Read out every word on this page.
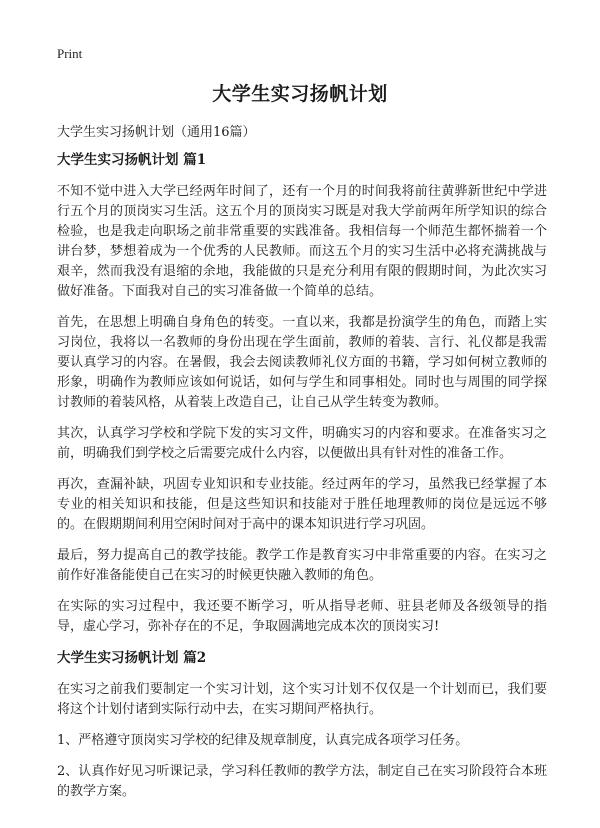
Print
大学生实习扬帆计划
大学生实习扬帆计划（通用16篇）
大学生实习扬帆计划 篇1

不知不觉中进入大学已经两年时间了，还有一个月的时间我将前往黄骅新世纪中学进行五个月的顶岗实习生活。这五个月的顶岗实习既是对我大学前两年所学知识的综合检验，也是我走向职场之前非常重要的实践准备。我相信每一个师范生都怀揣着一个讲台梦，梦想着成为一个优秀的人民教师。而这五个月的实习生活中必将充满挑战与艰辛，然而我没有退缩的余地，我能做的只是充分利用有限的假期时间，为此次实习做好准备。下面我对自己的实习准备做一个简单的总结。

首先，在思想上明确自身角色的转变。一直以来，我都是扮演学生的角色，而踏上实习岗位，我将以一名教师的身份出现在学生面前，教师的着装、言行、礼仪都是我需要认真学习的内容。在暑假，我会去阅读教师礼仪方面的书籍，学习如何树立教师的形象，明确作为教师应该如何说话，如何与学生和同事相处。同时也与周围的同学探讨教师的着装风格，从着装上改造自己，让自己从学生转变为教师。

其次，认真学习学校和学院下发的实习文件，明确实习的内容和要求。在准备实习之前，明确我们到学校之后需要完成什么内容，以便做出具有针对性的准备工作。

再次，查漏补缺，巩固专业知识和专业技能。经过两年的学习，虽然我已经掌握了本专业的相关知识和技能，但是这些知识和技能对于胜任地理教师的岗位是远远不够的。在假期期间利用空闲时间对于高中的课本知识进行学习巩固。

最后，努力提高自己的教学技能。教学工作是教育实习中非常重要的内容。在实习之前作好准备能使自己在实习的时候更快融入教师的角色。

在实际的实习过程中，我还要不断学习，听从指导老师、驻县老师及各级领导的指导，虚心学习，弥补存在的不足，争取圆满地完成本次的顶岗实习!

大学生实习扬帆计划 篇2

在实习之前我们要制定一个实习计划，这个实习计划不仅仅是一个计划而已，我们要将这个计划付诸到实际行动中去，在实习期间严格执行。

1、严格遵守顶岗实习学校的纪律及规章制度，认真完成各项学习任务。

2、认真作好见习听课记录，学习科任教师的教学方法，制定自己在实习阶段符合本班的教学方案。
